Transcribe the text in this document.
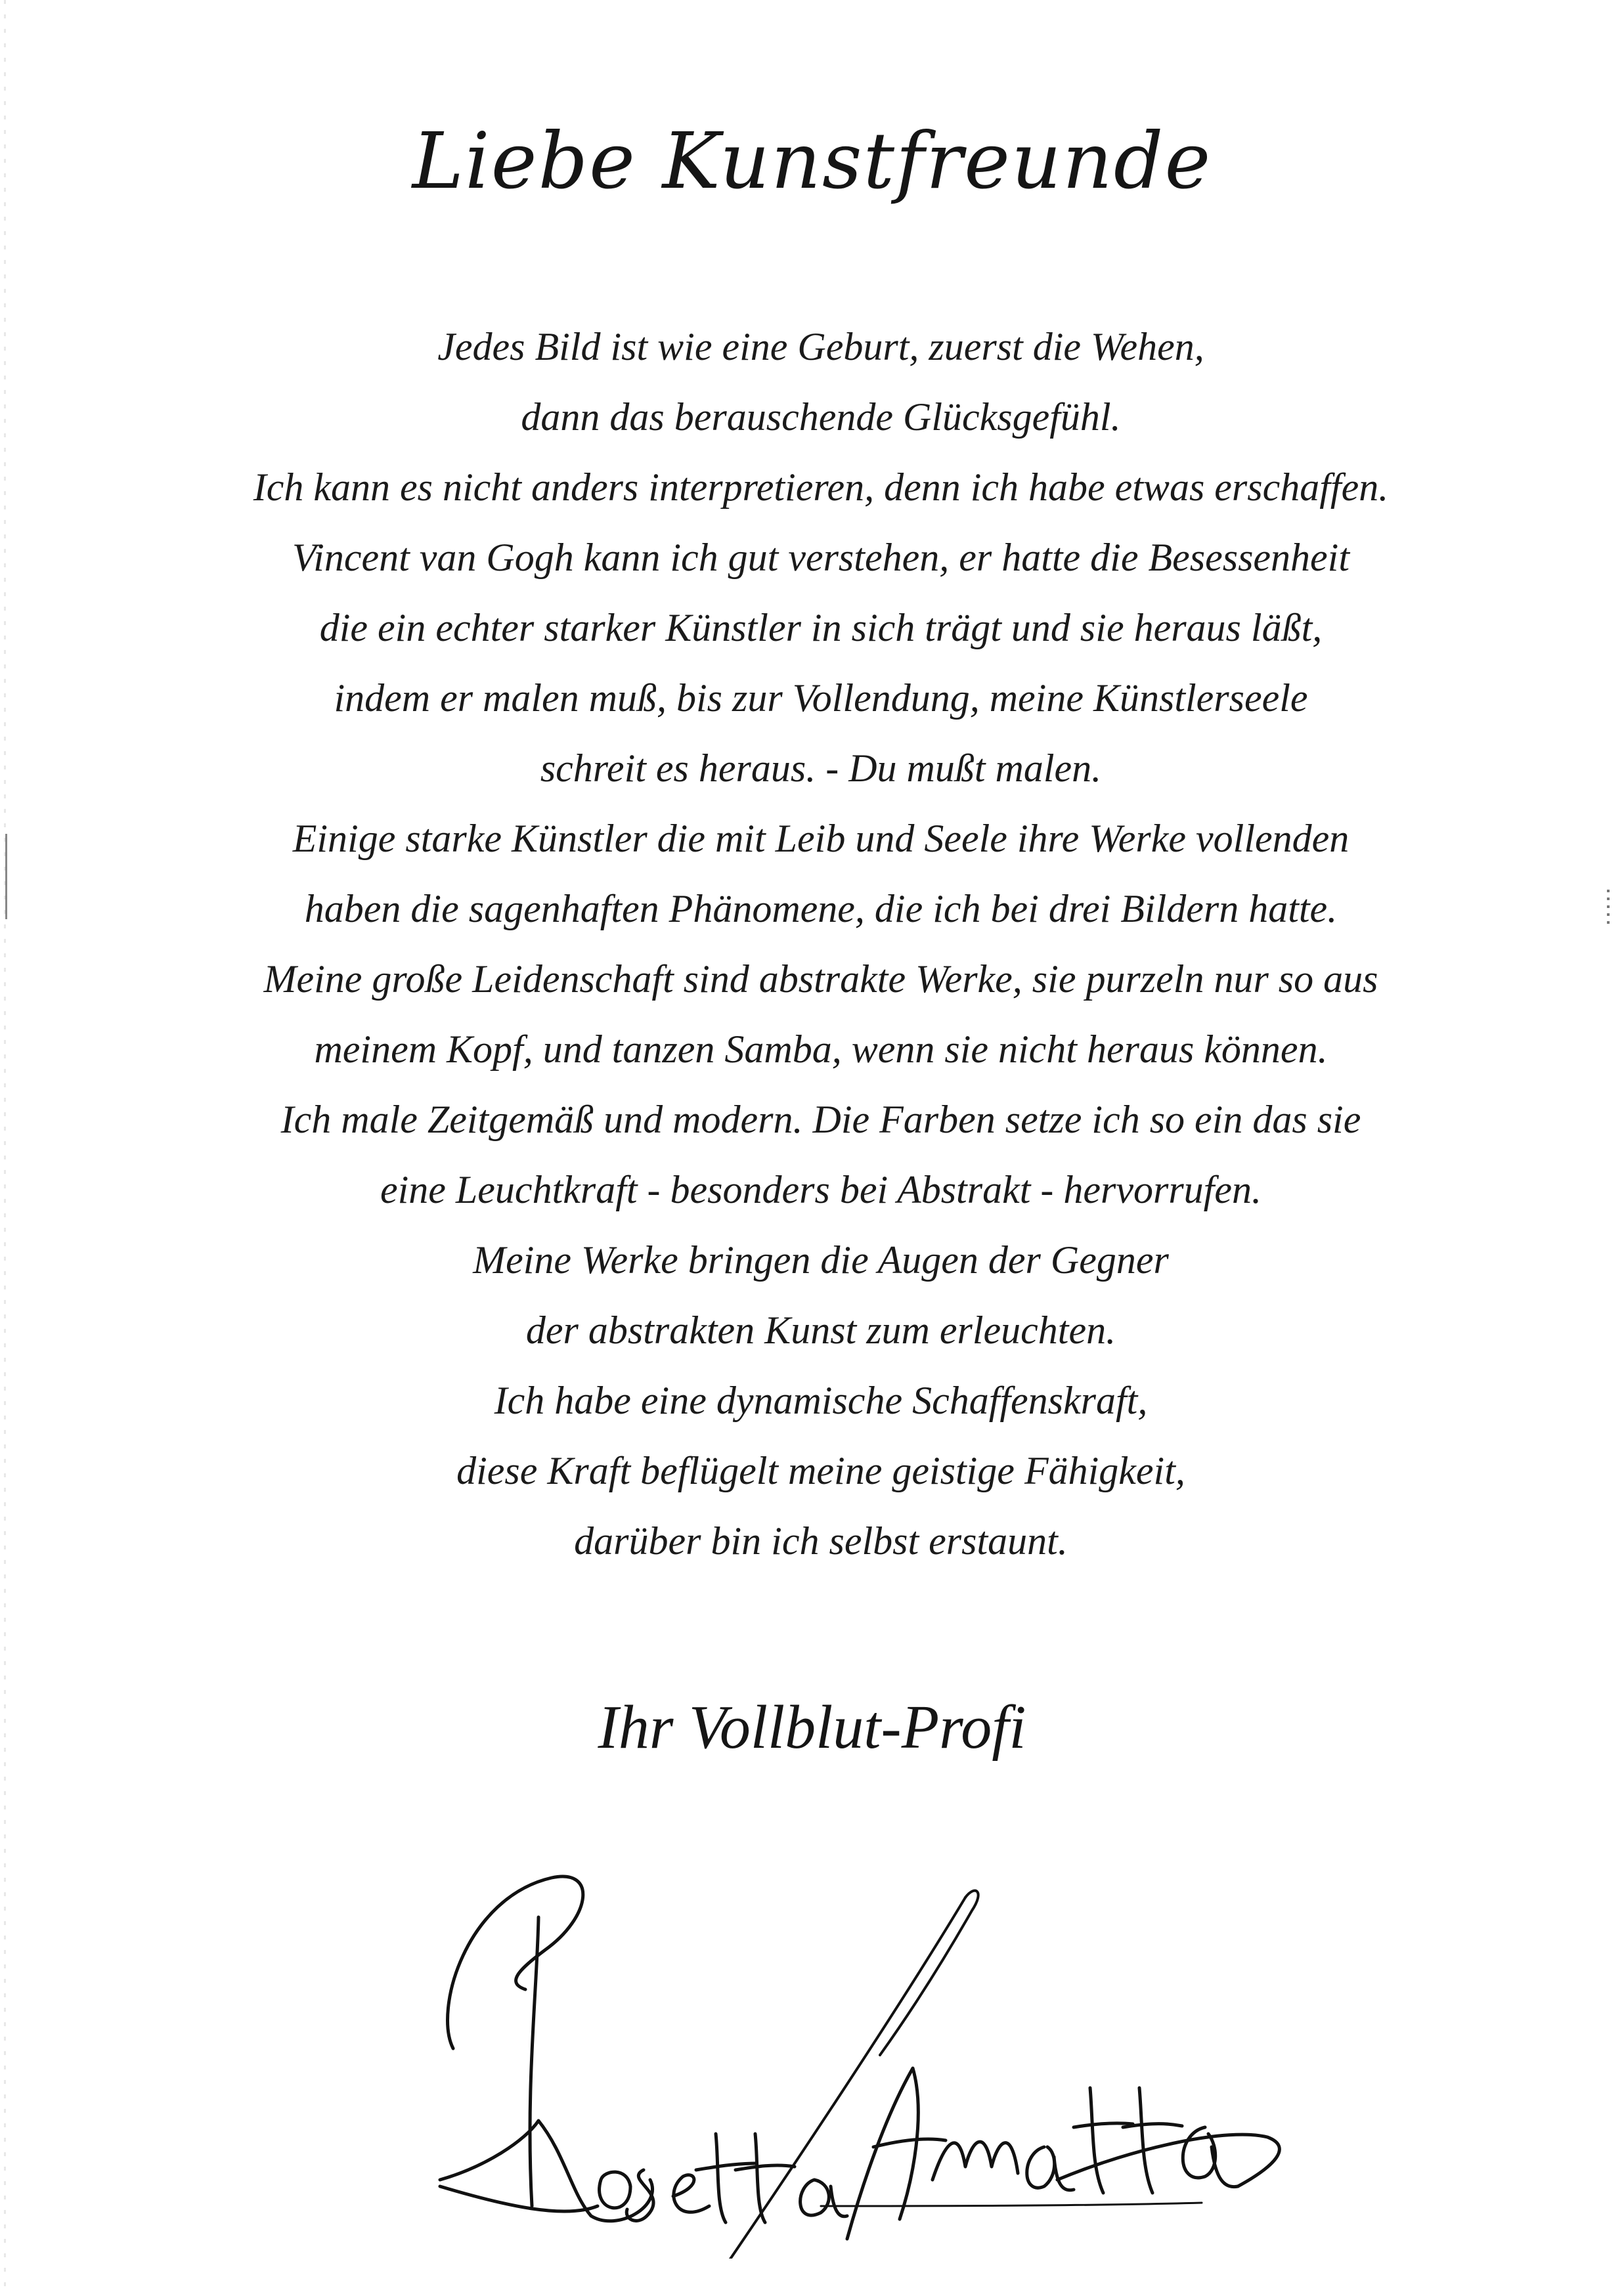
Liebe Kunstfreunde
Jedes Bild ist wie eine Geburt, zuerst die Wehen,
dann das berauschende Glücksgefühl.
Ich kann es nicht anders interpretieren, denn ich habe etwas erschaffen.
Vincent van Gogh kann ich gut verstehen, er hatte die Besessenheit
die ein echter starker Künstler in sich trägt und sie heraus läßt,
indem er malen muß, bis zur Vollendung, meine Künstlerseele
schreit es heraus. - Du mußt malen.
Einige starke Künstler die mit Leib und Seele ihre Werke vollenden
haben die sagenhaften Phänomene, die ich bei drei Bildern hatte.
Meine große Leidenschaft sind abstrakte Werke, sie purzeln nur so aus
meinem Kopf, und tanzen Samba, wenn sie nicht heraus können.
Ich male Zeitgemäß und modern. Die Farben setze ich so ein das sie
eine Leuchtkraft - besonders bei Abstrakt - hervorrufen.
Meine Werke bringen die Augen der Gegner
der abstrakten Kunst zum erleuchten.
Ich habe eine dynamische Schaffenskraft,
diese Kraft beflügelt meine geistige Fähigkeit,
darüber bin ich selbst erstaunt.
Ihr Vollblut-Profi
